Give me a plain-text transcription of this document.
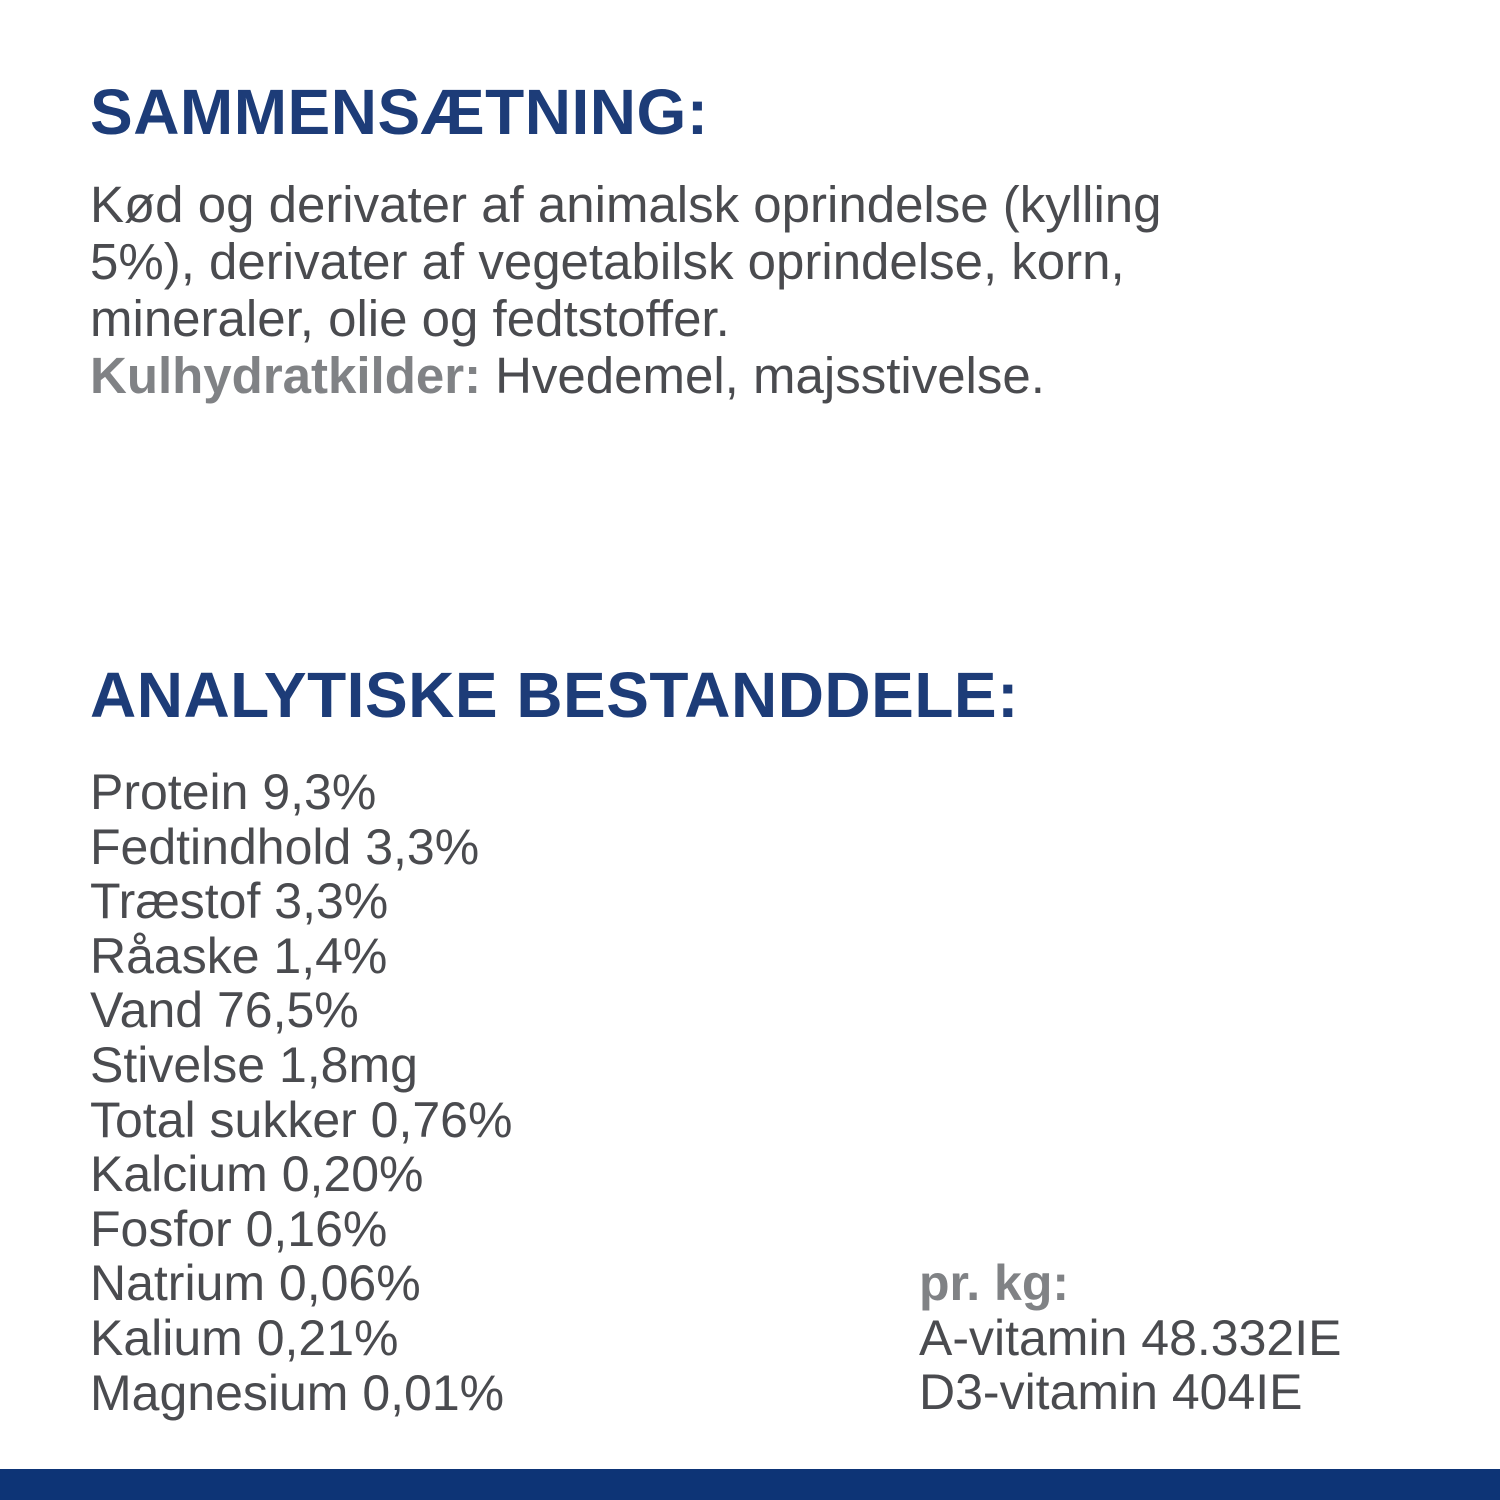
SAMMENSÆTNING:
Kød og derivater af animalsk oprindelse (kylling
5%), derivater af vegetabilsk oprindelse, korn,
mineraler, olie og fedtstoffer.
Kulhydratkilder: Hvedemel, majsstivelse.
ANALYTISKE BESTANDDELE:
Protein 9,3%
Fedtindhold 3,3%
Træstof 3,3%
Råaske 1,4%
Vand 76,5%
Stivelse 1,8mg
Total sukker 0,76%
Kalcium 0,20%
Fosfor 0,16%
Natrium 0,06%
Kalium 0,21%
Magnesium 0,01%
pr. kg:
A-vitamin 48.332IE
D3-vitamin 404IE
